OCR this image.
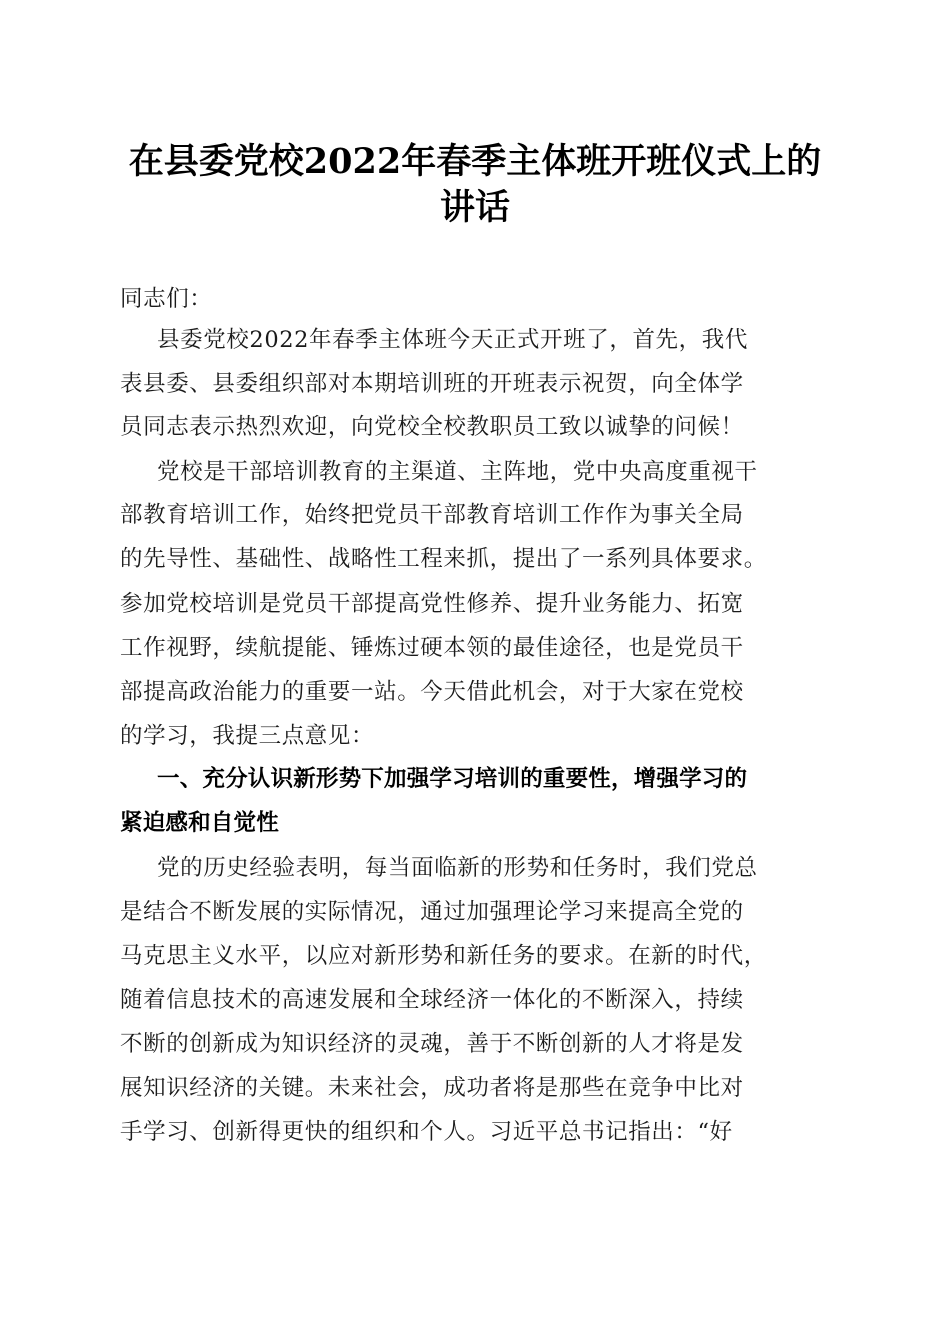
在县委党校2022年春季主体班开班仪式上的
讲话

同志们：

县委党校2022年春季主体班今天正式开班了，首先，我代

表县委、县委组织部对本期培训班的开班表示祝贺，向全体学

员同志表示热烈欢迎，向党校全校教职员工致以诚挚的问候！

党校是干部培训教育的主渠道、主阵地，党中央高度重视干

部教育培训工作，始终把党员干部教育培训工作作为事关全局

的先导性、基础性、战略性工程来抓，提出了一系列具体要求。

参加党校培训是党员干部提高党性修养、提升业务能力、拓宽

工作视野，续航提能、锤炼过硬本领的最佳途径，也是党员干

部提高政治能力的重要一站。今天借此机会，对于大家在党校

的学习，我提三点意见：

一、充分认识新形势下加强学习培训的重要性，增强学习的

紧迫感和自觉性

党的历史经验表明，每当面临新的形势和任务时，我们党总

是结合不断发展的实际情况，通过加强理论学习来提高全党的

马克思主义水平，以应对新形势和新任务的要求。在新的时代，

随着信息技术的高速发展和全球经济一体化的不断深入，持续

不断的创新成为知识经济的灵魂，善于不断创新的人才将是发

展知识经济的关键。未来社会，成功者将是那些在竞争中比对

手学习、创新得更快的组织和个人。习近平总书记指出：“好
